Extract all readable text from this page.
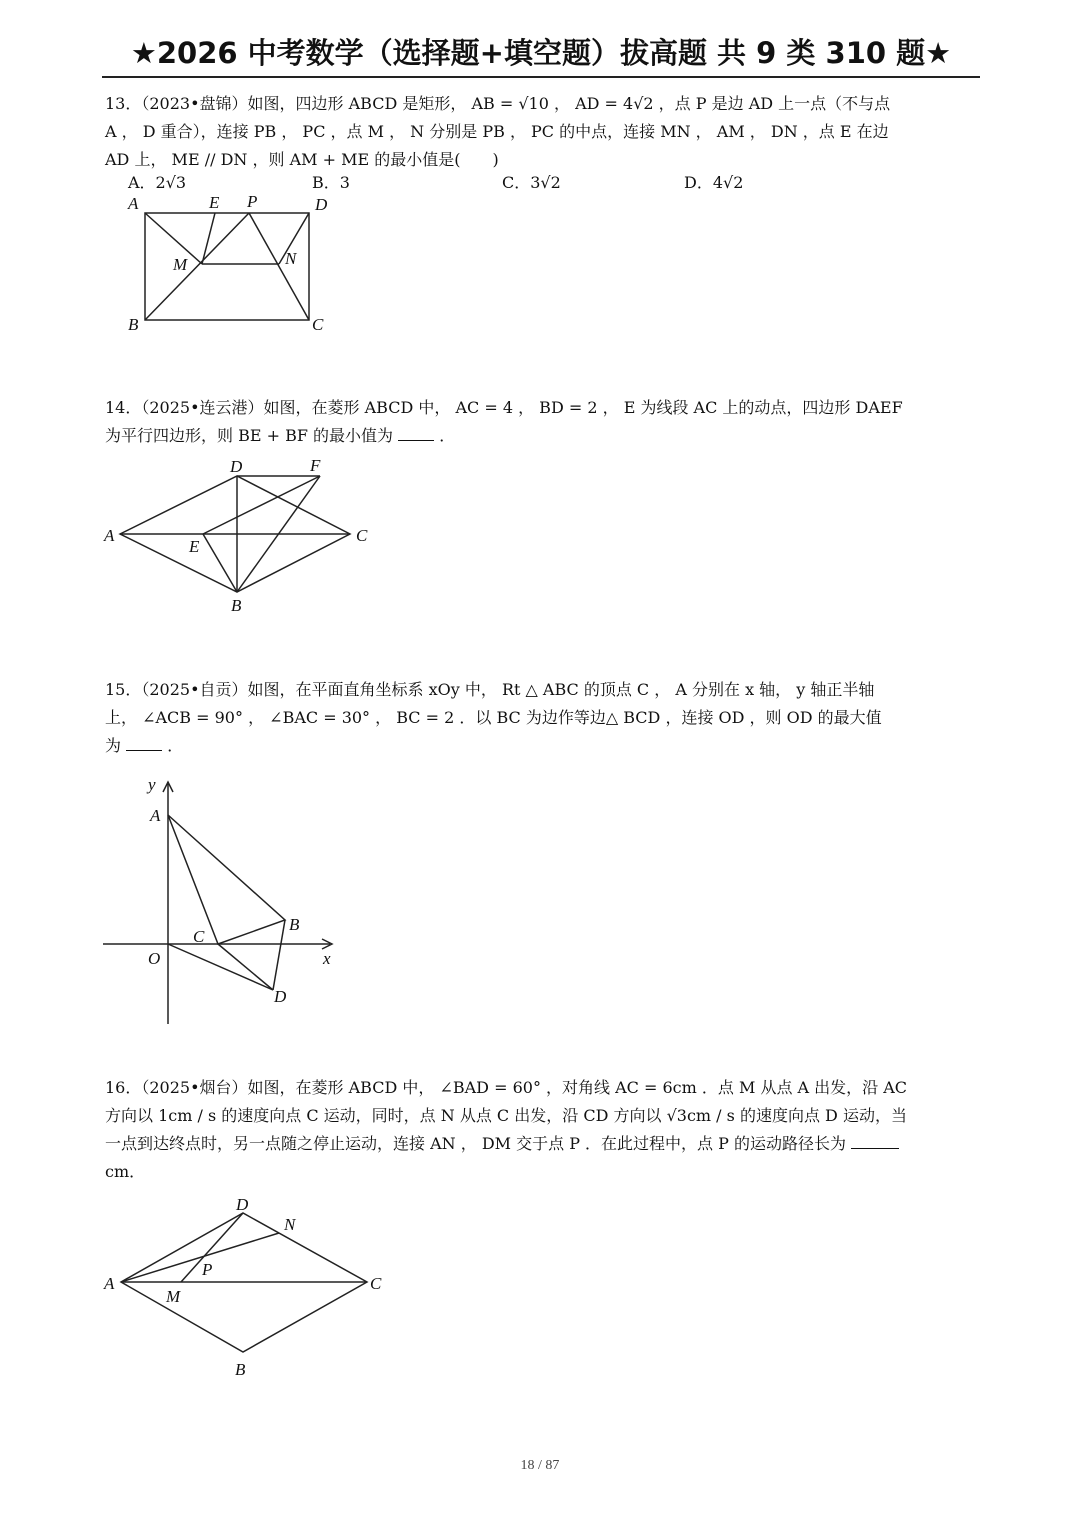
★2026 中考数学（选择题+填空题）拔高题 共 9 类 310 题★

13．（2023•盘锦）如图，四边形 ABCD 是矩形， AB = √10 ， AD = 4√2 ，点 P 是边 AD 上一点（不与点

A ， D 重合），连接 PB ， PC ，点 M ， N 分别是 PB ， PC 的中点，连接 MN ， AM ， DN ，点 E 在边

AD 上， ME // DN ，则 AM + ME 的最小值是(　　)

A．2√3	B．3	C．3√2	D．4√2
A	E P	D
M	N
B	C

14．（2025•连云港）如图，在菱形 ABCD 中， AC = 4 ， BD = 2 ， E 为线段 AC 上的动点，四边形 DAEF

为平行四边形，则 BE + BF 的最小值为	．

D	F
A	C
E
B

15．（2025•自贡）如图，在平面直角坐标系 xOy 中， Rt △ ABC 的顶点 C ， A 分别在 x 轴， y 轴正半轴

上， ∠ACB = 90° ， ∠BAC = 30° ， BC = 2 ．以 BC 为边作等边△ BCD ，连接 OD ，则 OD 的最大值

为	．

y
A
B
C
O	x
D

16．（2025•烟台）如图，在菱形 ABCD 中， ∠BAD = 60° ，对角线 AC = 6cm ．点 M 从点 A 出发，沿 AC

方向以 1cm / s 的速度向点 C 运动，同时，点 N 从点 C 出发，沿 CD 方向以 √3cm / s 的速度向点 D 运动，当

一点到达终点时，另一点随之停止运动，连接 AN ， DM 交于点 P ．在此过程中，点 P 的运动路径长为

cm．

D
N
P
A
M
C
B
18 / 87
